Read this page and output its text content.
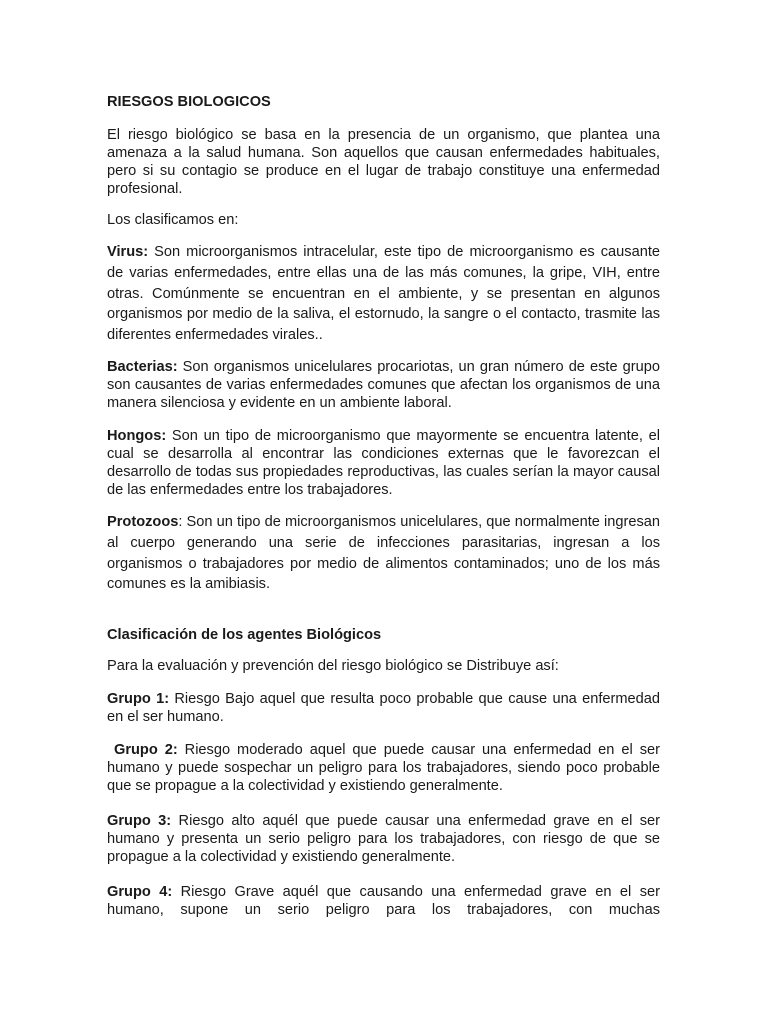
RIESGOS BIOLOGICOS

El riesgo biológico se basa en la presencia de un organismo, que plantea una amenaza a la salud humana. Son aquellos que causan enfermedades habituales, pero si su contagio se produce en el lugar de trabajo constituye una enfermedad profesional.

Los clasificamos en:

Virus: Son microorganismos intracelular, este tipo de microorganismo es causante de varias enfermedades, entre ellas una de las más comunes, la gripe, VIH, entre otras. Comúnmente se encuentran en el ambiente, y se presentan en algunos organismos por medio de la saliva, el estornudo, la sangre o el contacto, trasmite las diferentes enfermedades virales..

Bacterias: Son organismos unicelulares procariotas, un gran número de este grupo son causantes de varias enfermedades comunes que afectan los organismos de una manera silenciosa y evidente en un ambiente laboral.

Hongos: Son un tipo de microorganismo que mayormente se encuentra latente, el cual se desarrolla al encontrar las condiciones externas que le favorezcan el desarrollo de todas sus propiedades reproductivas, las cuales serían la mayor causal de las enfermedades entre los trabajadores.

Protozoos: Son un tipo de microorganismos unicelulares, que normalmente ingresan al cuerpo generando una serie de infecciones parasitarias, ingresan a los organismos o trabajadores por medio de alimentos contaminados; uno de los más comunes es la amibiasis.

Clasificación de los agentes Biológicos

Para la evaluación y prevención del riesgo biológico se Distribuye así:

Grupo 1: Riesgo Bajo aquel que resulta poco probable que cause una enfermedad en el ser humano.

Grupo 2: Riesgo moderado aquel que puede causar una enfermedad en el ser humano y puede sospechar un peligro para los trabajadores, siendo poco probable que se propague a la colectividad y existiendo generalmente.

Grupo 3: Riesgo alto aquél que puede causar una enfermedad grave en el ser humano y presenta un serio peligro para los trabajadores, con riesgo de que se propague a la colectividad y existiendo generalmente.

Grupo 4: Riesgo Grave aquél que causando una enfermedad grave en el ser humano, supone un serio peligro para los trabajadores, con muchas
